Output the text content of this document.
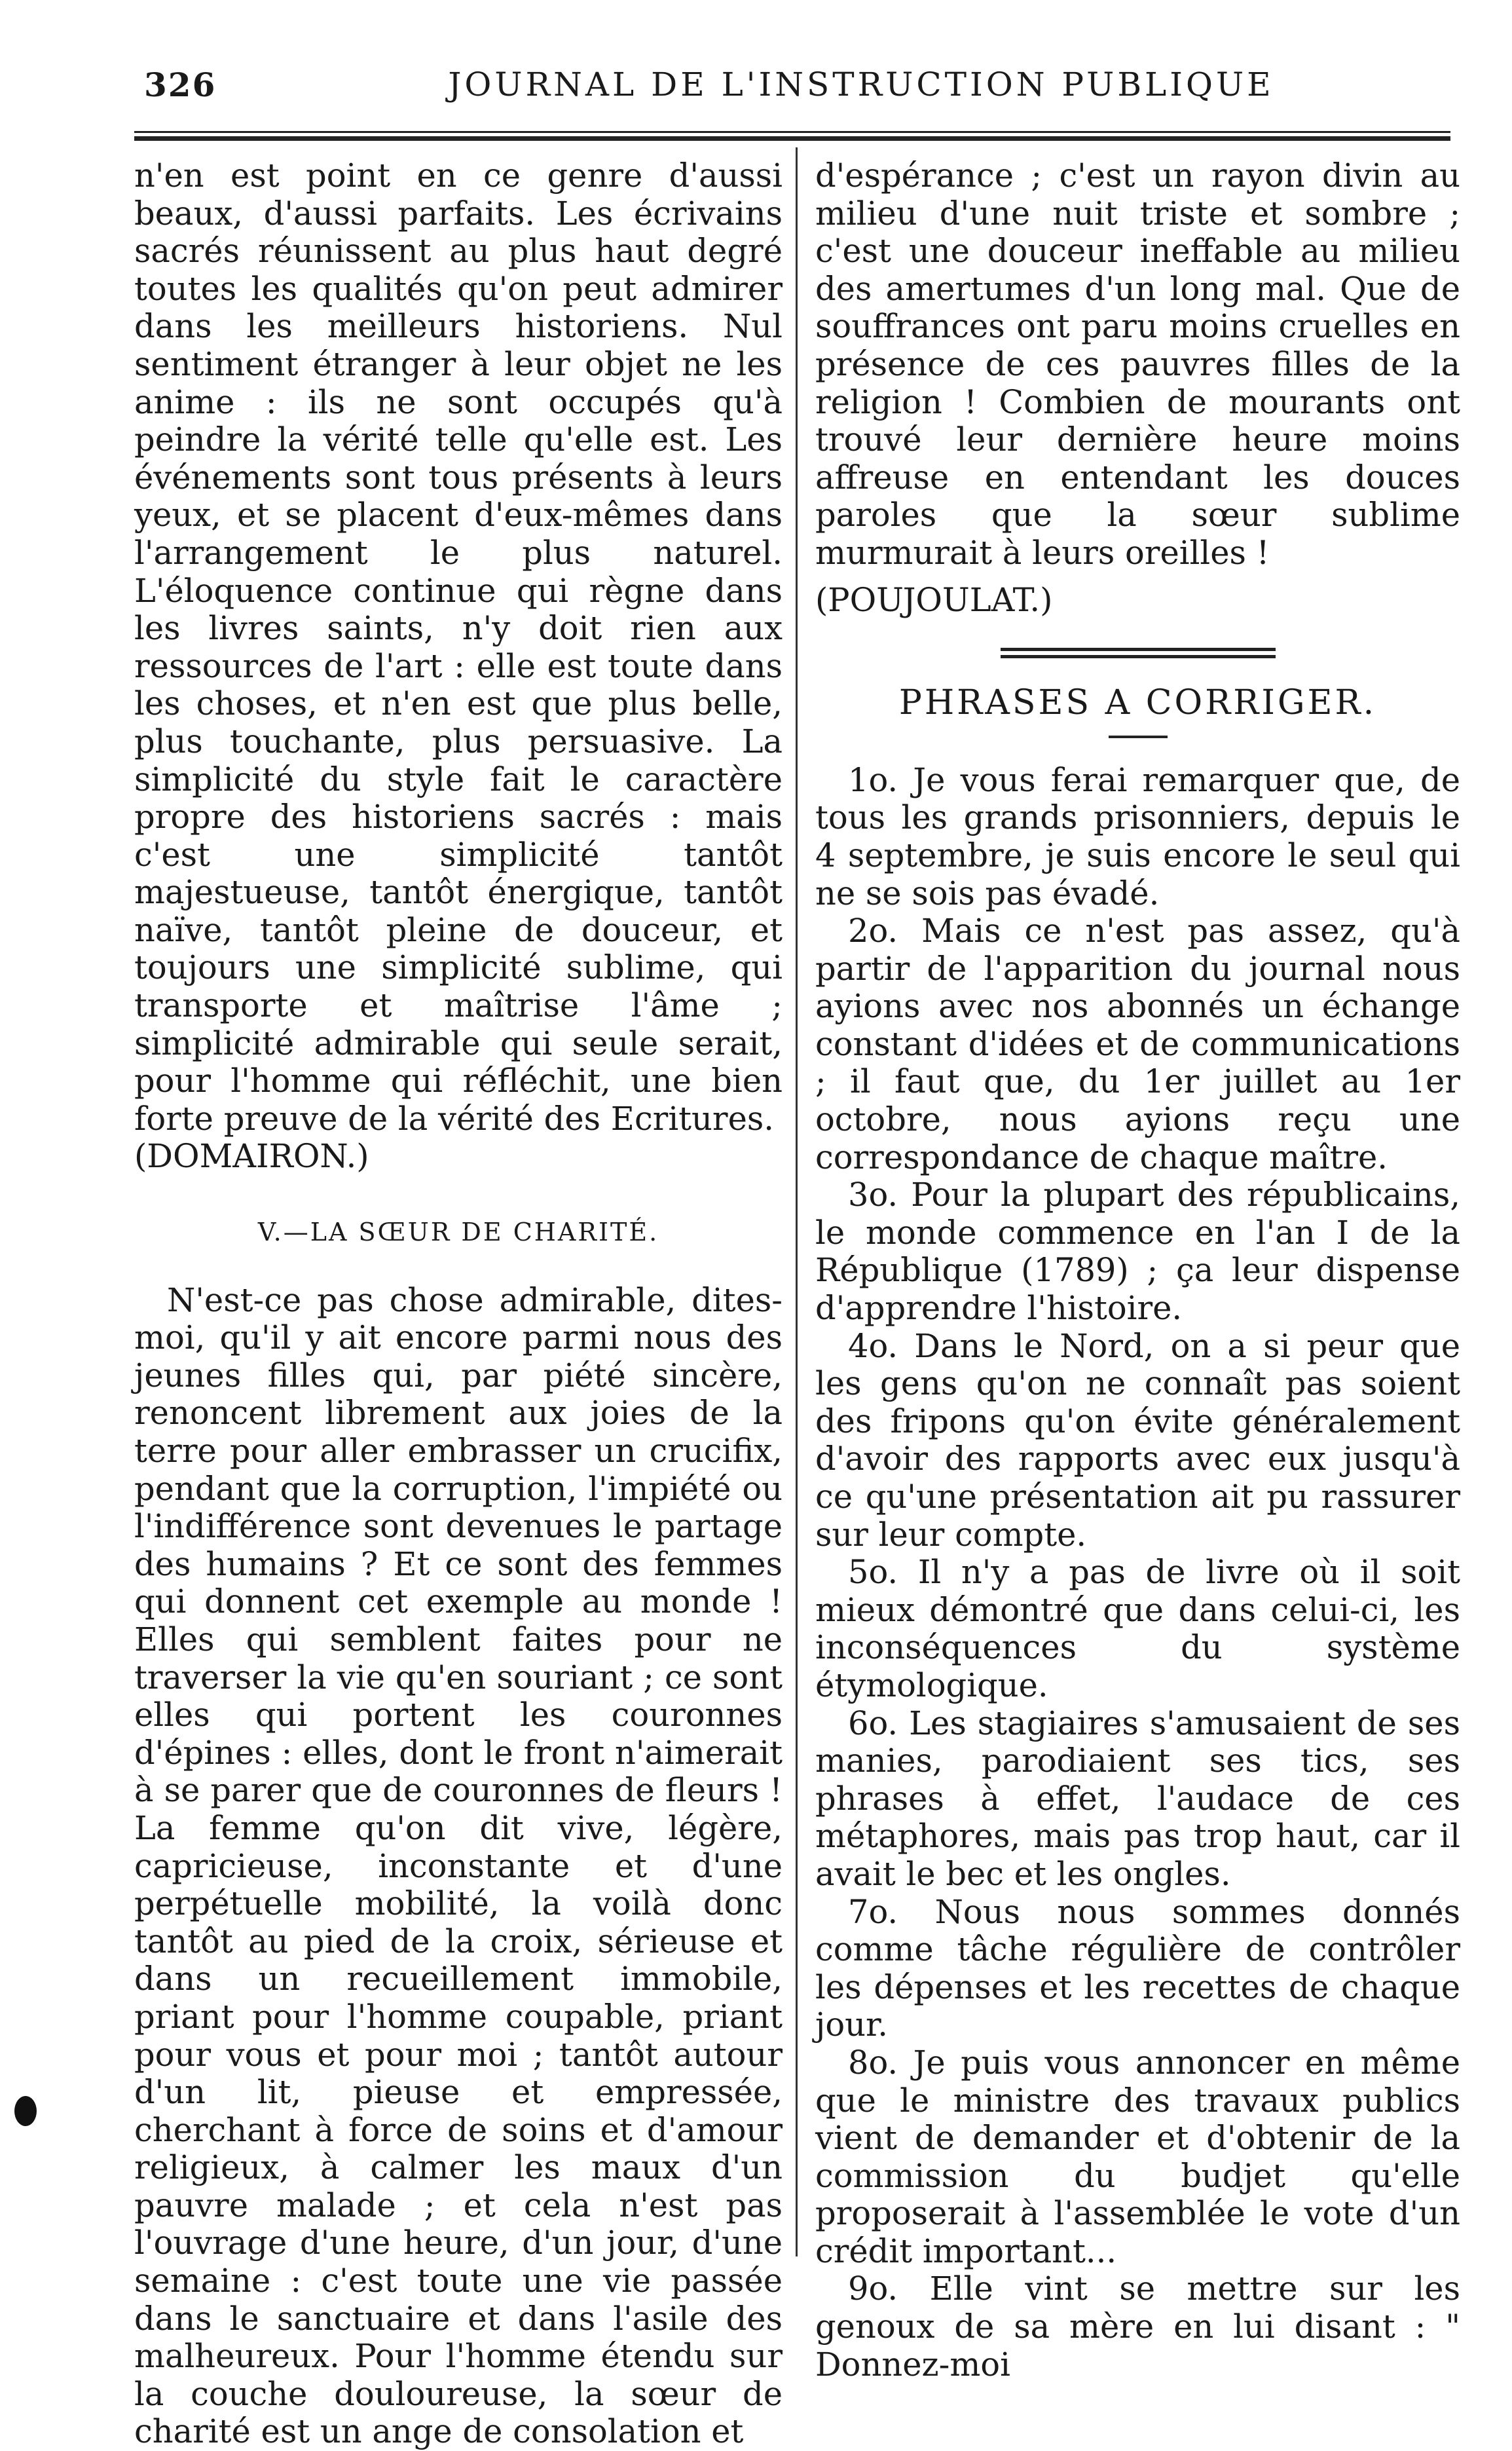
326	JOURNAL DE L'INSTRUCTION PUBLIQUE

n'en est point en ce genre d'aussi beaux, d'aussi parfaits. Les écrivains sacrés réunissent au plus haut degré toutes les qualités qu'on peut admirer dans les meilleurs historiens. Nul sentiment étranger à leur objet ne les anime : ils ne sont occupés qu'à peindre la vérité telle qu'elle est. Les événements sont tous présents à leurs yeux, et se placent d'eux-mêmes dans l'arrangement le plus naturel. L'éloquence continue qui règne dans les livres saints, n'y doit rien aux ressources de l'art : elle est toute dans les choses, et n'en est que plus belle, plus touchante, plus persuasive. La simplicité du style fait le caractère propre des historiens sacrés : mais c'est une simplicité tantôt majestueuse, tantôt énergique, tantôt naïve, tantôt pleine de douceur, et toujours une simplicité sublime, qui transporte et maîtrise l'âme ; simplicité admirable qui seule serait, pour l'homme qui réfléchit, une bien forte preuve de la vérité des Ecritures.

(DOMAIRON.)

V.—LA SŒUR DE CHARITÉ.

N'est-ce pas chose admirable, dites-moi, qu'il y ait encore parmi nous des jeunes filles qui, par piété sincère, renoncent librement aux joies de la terre pour aller embrasser un crucifix, pendant que la corruption, l'impiété ou l'indifférence sont devenues le partage des humains ? Et ce sont des femmes qui donnent cet exemple au monde ! Elles qui semblent faites pour ne traverser la vie qu'en souriant ; ce sont elles qui portent les couronnes d'épines : elles, dont le front n'aimerait à se parer que de couronnes de fleurs ! La femme qu'on dit vive, légère, capricieuse, inconstante et d'une perpétuelle mobilité, la voilà donc tantôt au pied de la croix, sérieuse et dans un recueillement immobile, priant pour l'homme coupable, priant pour vous et pour moi ; tantôt autour d'un lit, pieuse et empressée, cherchant à force de soins et d'amour religieux, à calmer les maux d'un pauvre malade ; et cela n'est pas l'ouvrage d'une heure, d'un jour, d'une semaine : c'est toute une vie passée dans le sanctuaire et dans l'asile des malheureux. Pour l'homme étendu sur la couche douloureuse, la sœur de charité est un ange de consolation et

d'espérance ; c'est un rayon divin au milieu d'une nuit triste et sombre ; c'est une douceur ineffable au milieu des amertumes d'un long mal. Que de souffrances ont paru moins cruelles en présence de ces pauvres filles de la religion ! Combien de mourants ont trouvé leur dernière heure moins affreuse en entendant les douces paroles que la sœur sublime murmurait à leurs oreilles !

(POUJOULAT.)

PHRASES A CORRIGER.

1o. Je vous ferai remarquer que, de tous les grands prisonniers, depuis le 4 septembre, je suis encore le seul qui ne se sois pas évadé.

2o. Mais ce n'est pas assez, qu'à partir de l'apparition du journal nous ayions avec nos abonnés un échange constant d'idées et de communications ; il faut que, du 1er juillet au 1er octobre, nous ayions reçu une correspondance de chaque maître.

3o. Pour la plupart des républicains, le monde commence en l'an I de la République (1789) ; ça leur dispense d'apprendre l'histoire.

4o. Dans le Nord, on a si peur que les gens qu'on ne connaît pas soient des fripons qu'on évite généralement d'avoir des rapports avec eux jusqu'à ce qu'une présentation ait pu rassurer sur leur compte.

5o. Il n'y a pas de livre où il soit mieux démontré que dans celui-ci, les inconséquences du système étymologique.

6o. Les stagiaires s'amusaient de ses manies, parodiaient ses tics, ses phrases à effet, l'audace de ces métaphores, mais pas trop haut, car il avait le bec et les ongles.

7o. Nous nous sommes donnés comme tâche régulière de contrôler les dépenses et les recettes de chaque jour.

8o. Je puis vous annoncer en même que le ministre des travaux publics vient de demander et d'obtenir de la commission du budjet qu'elle proposerait à l'assemblée le vote d'un crédit important...

9o. Elle vint se mettre sur les genoux de sa mère en lui disant : " Donnez-moi
